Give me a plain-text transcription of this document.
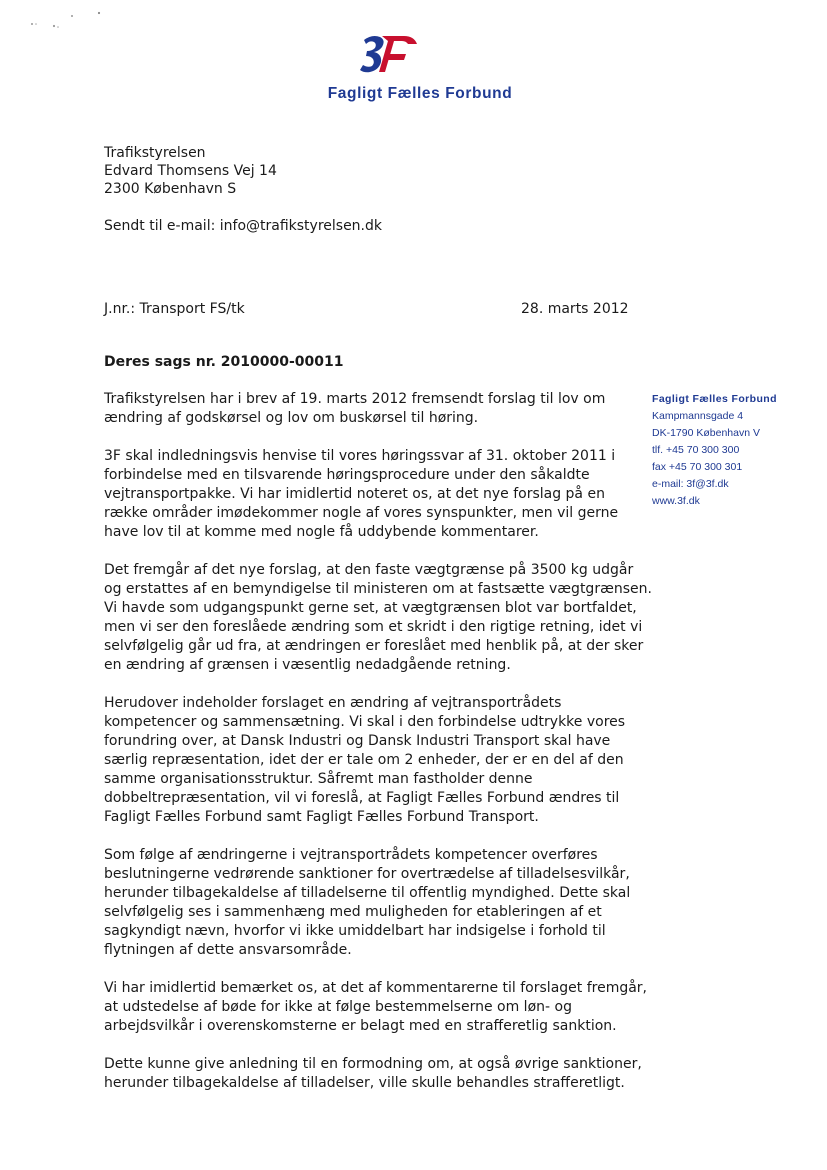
Fagligt Fælles Forbund
Trafikstyrelsen
Edvard Thomsens Vej 14
2300 København S
Sendt til e-mail: info@trafikstyrelsen.dk
J.nr.: Transport FS/tk	28. marts 2012
Deres sags nr. 2010000-00011
Trafikstyrelsen har i brev af 19. marts 2012 fremsendt forslag til lov om
ændring af godskørsel og lov om buskørsel til høring.
3F skal indledningsvis henvise til vores høringssvar af 31. oktober 2011 i
forbindelse med en tilsvarende høringsprocedure under den såkaldte
vejtransportpakke. Vi har imidlertid noteret os, at det nye forslag på en
række områder imødekommer nogle af vores synspunkter, men vil gerne
have lov til at komme med nogle få uddybende kommentarer.
Det fremgår af det nye forslag, at den faste vægtgrænse på 3500 kg udgår
og erstattes af en bemyndigelse til ministeren om at fastsætte vægtgrænsen.
Vi havde som udgangspunkt gerne set, at vægtgrænsen blot var bortfaldet,
men vi ser den foreslåede ændring som et skridt i den rigtige retning, idet vi
selvfølgelig går ud fra, at ændringen er foreslået med henblik på, at der sker
en ændring af grænsen i væsentlig nedadgående retning.
Herudover indeholder forslaget en ændring af vejtransportrådets
kompetencer og sammensætning. Vi skal i den forbindelse udtrykke vores
forundring over, at Dansk Industri og Dansk Industri Transport skal have
særlig repræsentation, idet der er tale om 2 enheder, der er en del af den
samme organisationsstruktur. Såfremt man fastholder denne
dobbeltrepræsentation, vil vi foreslå, at Fagligt Fælles Forbund ændres til
Fagligt Fælles Forbund samt Fagligt Fælles Forbund Transport.
Som følge af ændringerne i vejtransportrådets kompetencer overføres
beslutningerne vedrørende sanktioner for overtrædelse af tilladelsesvilkår,
herunder tilbagekaldelse af tilladelserne til offentlig myndighed. Dette skal
selvfølgelig ses i sammenhæng med muligheden for etableringen af et
sagkyndigt nævn, hvorfor vi ikke umiddelbart har indsigelse i forhold til
flytningen af dette ansvarsområde.
Vi har imidlertid bemærket os, at det af kommentarerne til forslaget fremgår,
at udstedelse af bøde for ikke at følge bestemmelserne om løn- og
arbejdsvilkår i overenskomsterne er belagt med en strafferetlig sanktion.
Dette kunne give anledning til en formodning om, at også øvrige sanktioner,
herunder tilbagekaldelse af tilladelser, ville skulle behandles strafferetligt.
Fagligt Fælles Forbund
Kampmannsgade 4
DK-1790 København V
tlf. +45 70 300 300
fax +45 70 300 301
e-mail: 3f@3f.dk
www.3f.dk
